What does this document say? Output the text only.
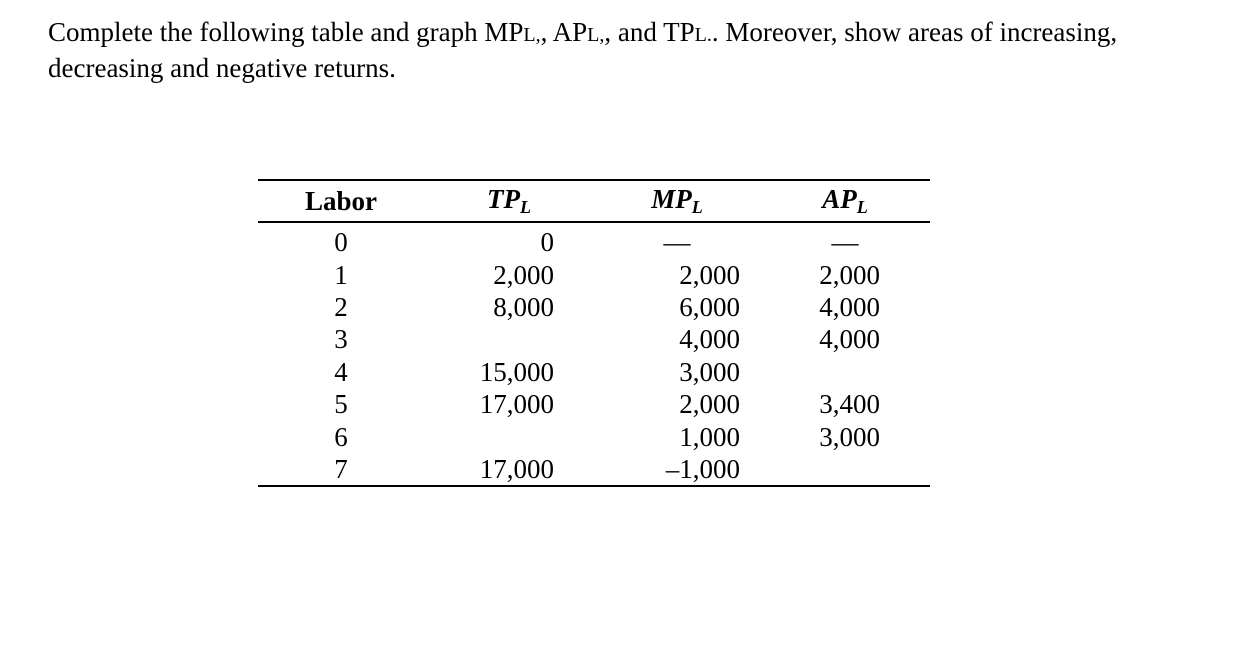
Complete the following table and graph MPL,, APL,, and TPL.. Moreover, show areas of increasing, decreasing and negative returns.

Labor	$TP_L$	$MP_L$	$AP_L$
0	0	—	—
1	2,000	2,000	2,000
2	8,000	6,000	4,000
3		4,000	4,000
4	15,000	3,000	
5	17,000	2,000	3,400
6		1,000	3,000
7	17,000	–1,000	
